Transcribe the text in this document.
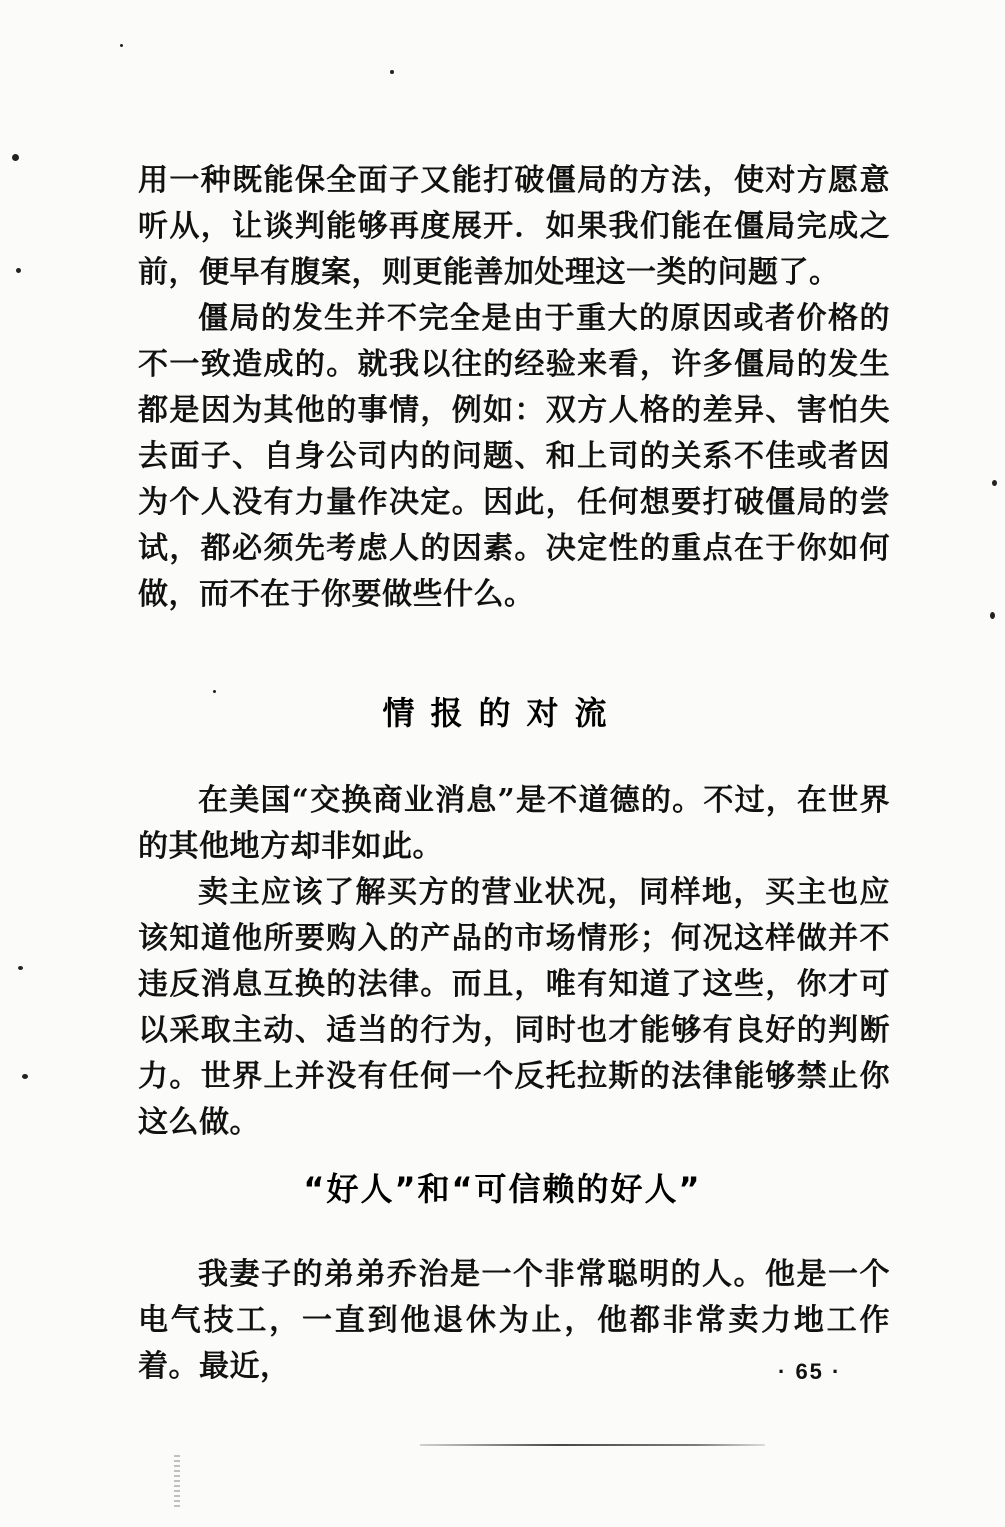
用一种既能保全面子又能打破僵局的方法，使对方愿意听从，让谈判能够再度展开．如果我们能在僵局完成之前，便早有腹案，则更能善加处理这一类的问题了。

僵局的发生并不完全是由于重大的原因或者价格的不一致造成的。就我以往的经验来看，许多僵局的发生都是因为其他的事情，例如：双方人格的差异、害怕失去面子、自身公司内的问题、和上司的关系不佳或者因为个人没有力量作决定。因此，任何想要打破僵局的尝试，都必须先考虑人的因素。决定性的重点在于你如何做，而不在于你要做些什么。

情报的对流

在美国“交换商业消息”是不道德的。不过，在世界的其他地方却非如此。

卖主应该了解买方的营业状况，同样地，买主也应该知道他所要购入的产品的市场情形；何况这样做并不违反消息互换的法律。而且，唯有知道了这些，你才可以采取主动、适当的行为，同时也才能够有良好的判断力。世界上并没有任何一个反托拉斯的法律能够禁止你这么做。

“好人”和“可信赖的好人”

我妻子的弟弟乔治是一个非常聪明的人。他是一个电气技工，一直到他退休为止，他都非常卖力地工作着。最近，	· 65 ·
